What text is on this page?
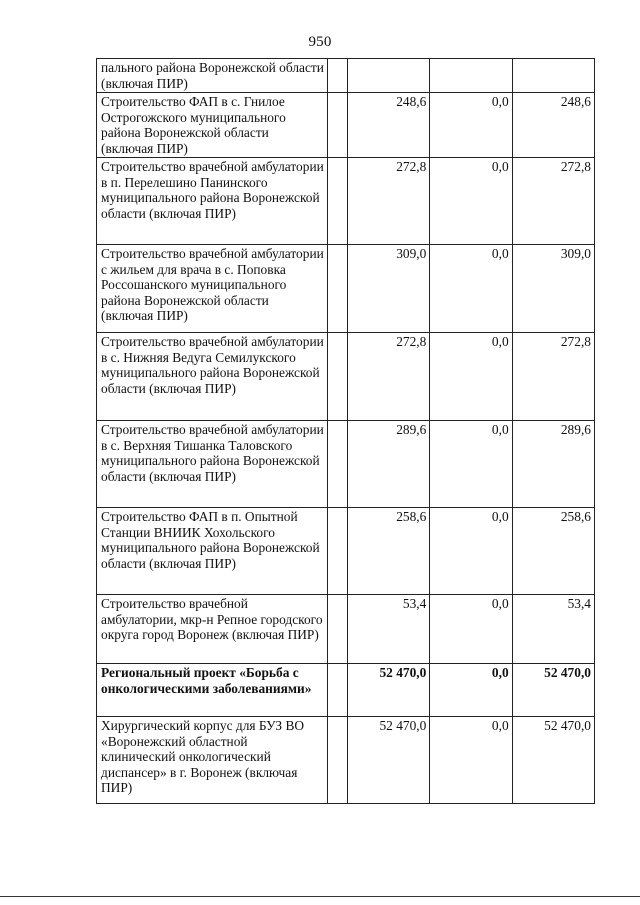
950
пального района Воронежской области (включая ПИР)				
Строительство ФАП в с. Гнилое Острогожского муниципального района Воронежской области (включая ПИР)		248,6	0,0	248,6
Строительство врачебной амбулатории в п. Перелешино Панинского муниципального района Воронежской области (включая ПИР)		272,8	0,0	272,8
Строительство врачебной амбулатории с жильем для врача в с. Поповка Россошанского муниципального района Воронежской области (включая ПИР)		309,0	0,0	309,0
Строительство врачебной амбулатории в с. Нижняя Ведуга Семилукского муниципального района Воронежской области (включая ПИР)		272,8	0,0	272,8
Строительство врачебной амбулатории в с. Верхняя Тишанка Таловского муниципального района Воронежской области (включая ПИР)		289,6	0,0	289,6
Строительство ФАП в п. Опытной Станции ВНИИК Хохольского муниципального района Воронежской области (включая ПИР)		258,6	0,0	258,6
Строительство врачебной амбулатории, мкр-н Репное городского округа город Воронеж (включая ПИР)		53,4	0,0	53,4
Региональный проект «Борьба с онкологическими заболеваниями»		52 470,0	0,0	52 470,0
Хирургический корпус для БУЗ ВО «Воронежский областной клинический онкологический диспансер» в г. Воронеж (включая ПИР)		52 470,0	0,0	52 470,0
